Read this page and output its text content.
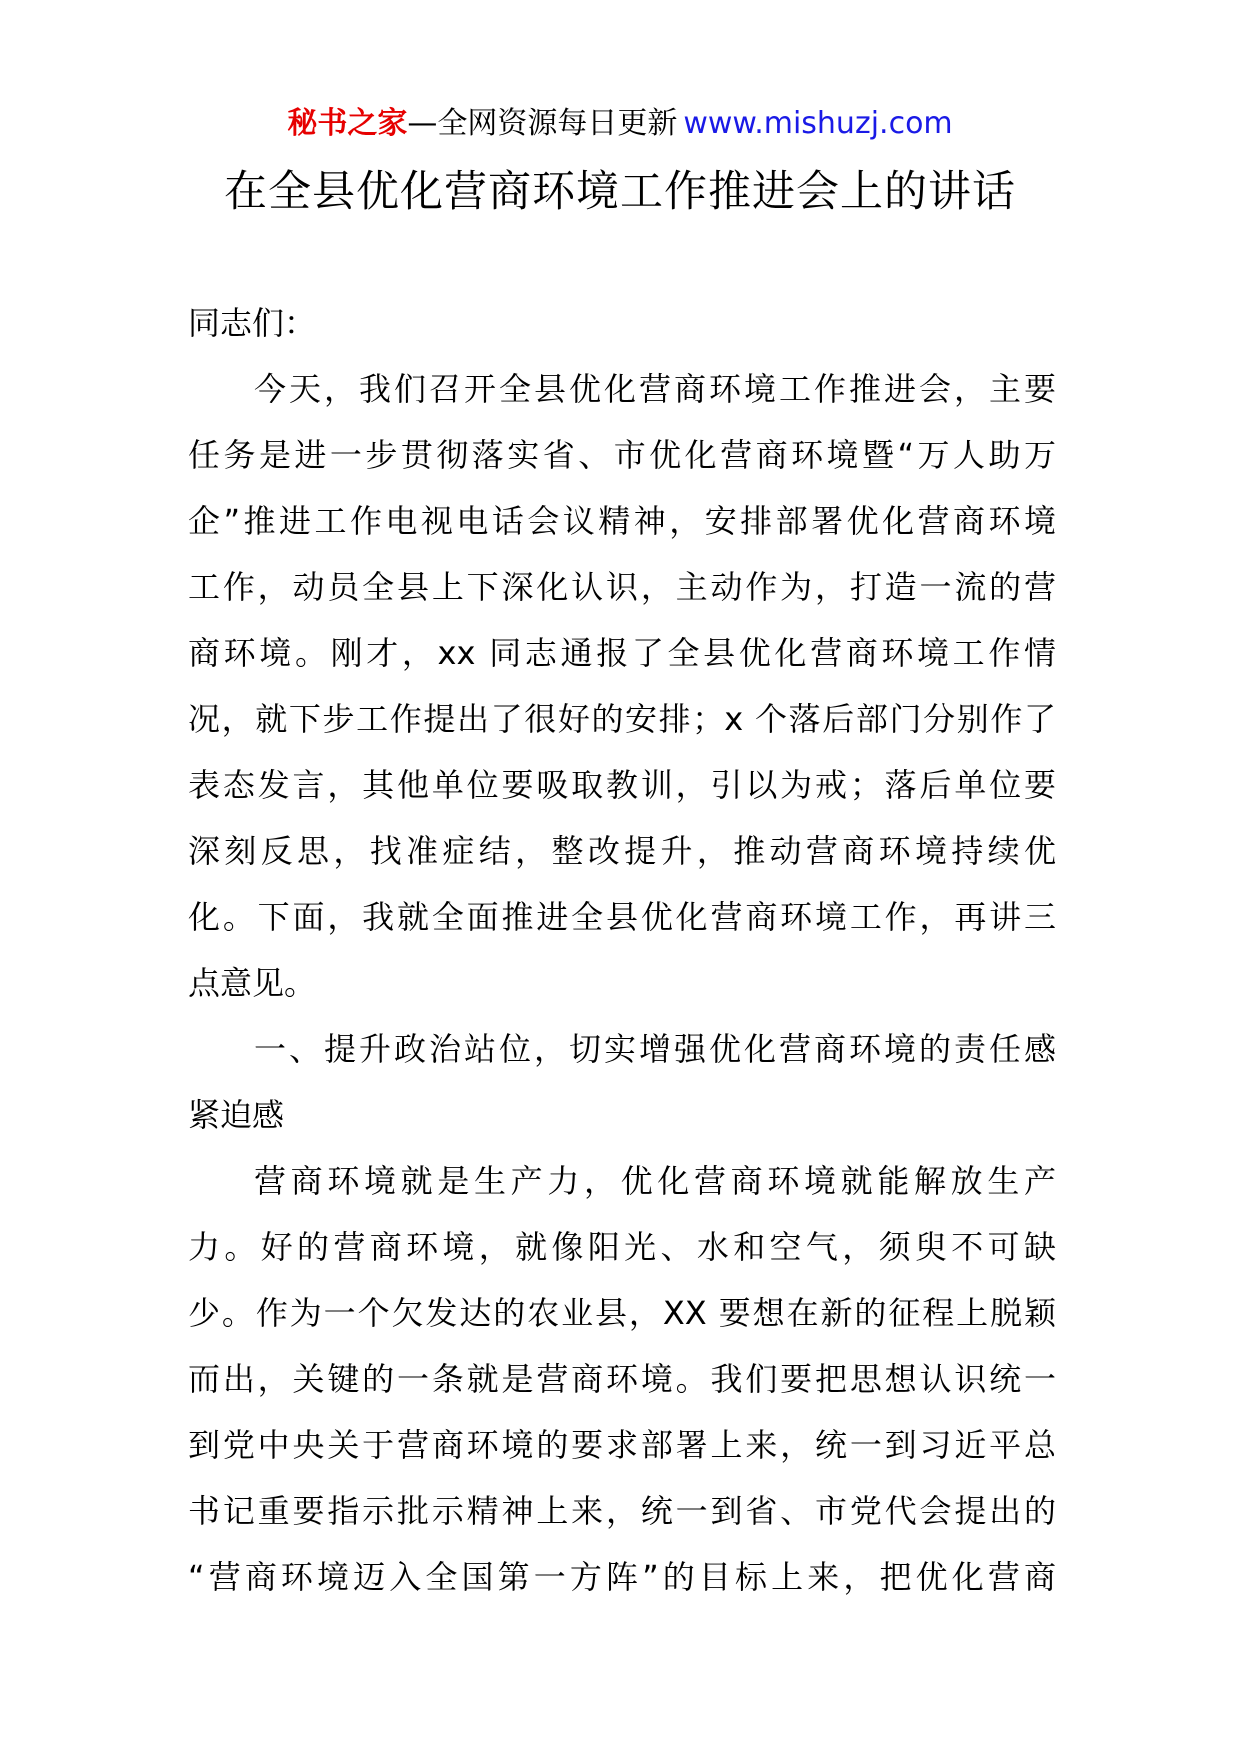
秘书之家—全网资源每日更新 www.mishuzj.com
在全县优化营商环境工作推进会上的讲话
同志们：
今天，我们召开全县优化营商环境工作推进会，主要
任务是进一步贯彻落实省、市优化营商环境暨“万人助万
企”推进工作电视电话会议精神，安排部署优化营商环境
工作，动员全县上下深化认识，主动作为，打造一流的营
商环境。刚才，xx 同志通报了全县优化营商环境工作情
况，就下步工作提出了很好的安排；x 个落后部门分别作了
表态发言，其他单位要吸取教训，引以为戒；落后单位要
深刻反思，找准症结，整改提升，推动营商环境持续优
化。下面，我就全面推进全县优化营商环境工作，再讲三
点意见。
一、提升政治站位，切实增强优化营商环境的责任感
紧迫感
营商环境就是生产力，优化营商环境就能解放生产
力。好的营商环境，就像阳光、水和空气，须臾不可缺
少。作为一个欠发达的农业县，XX 要想在新的征程上脱颖
而出，关键的一条就是营商环境。我们要把思想认识统一
到党中央关于营商环境的要求部署上来，统一到习近平总
书记重要指示批示精神上来，统一到省、市党代会提出的
“营商环境迈入全国第一方阵”的目标上来，把优化营商
